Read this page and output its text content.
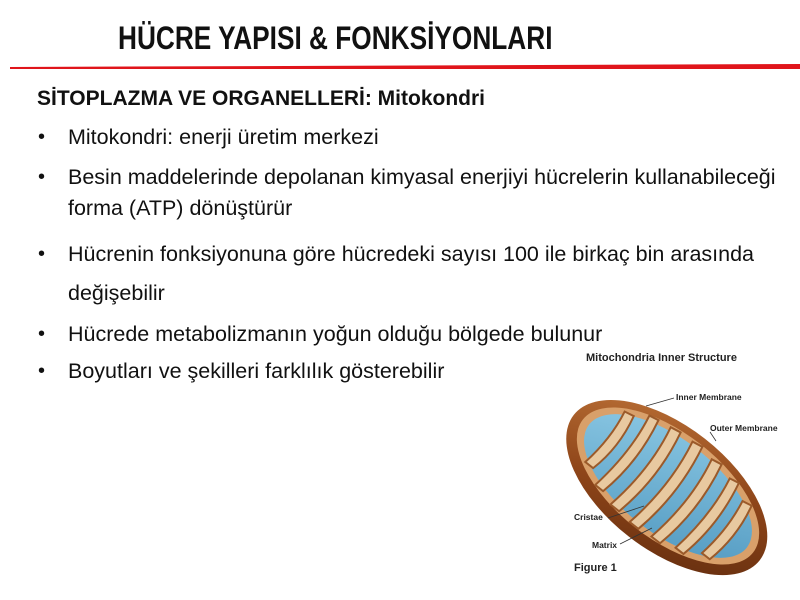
HÜCRE YAPISI & FONKSİYONLARI
SİTOPLAZMA VE ORGANELLERİ: Mitokondri
• Mitokondri: enerji üretim merkezi
• Besin maddelerinde depolanan kimyasal enerjiyi hücrelerin kullanabileceği forma (ATP) dönüştürür
• Hücrenin fonksiyonuna göre hücredeki sayısı 100 ile birkaç bin arasında değişebilir
• Hücrede metabolizmanın yoğun olduğu bölgede bulunur
• Boyutları ve şekilleri farklılık gösterebilir
Mitochondria Inner Structure
Inner Membrane
Outer Membrane
Cristae
Matrix
Figure 1
